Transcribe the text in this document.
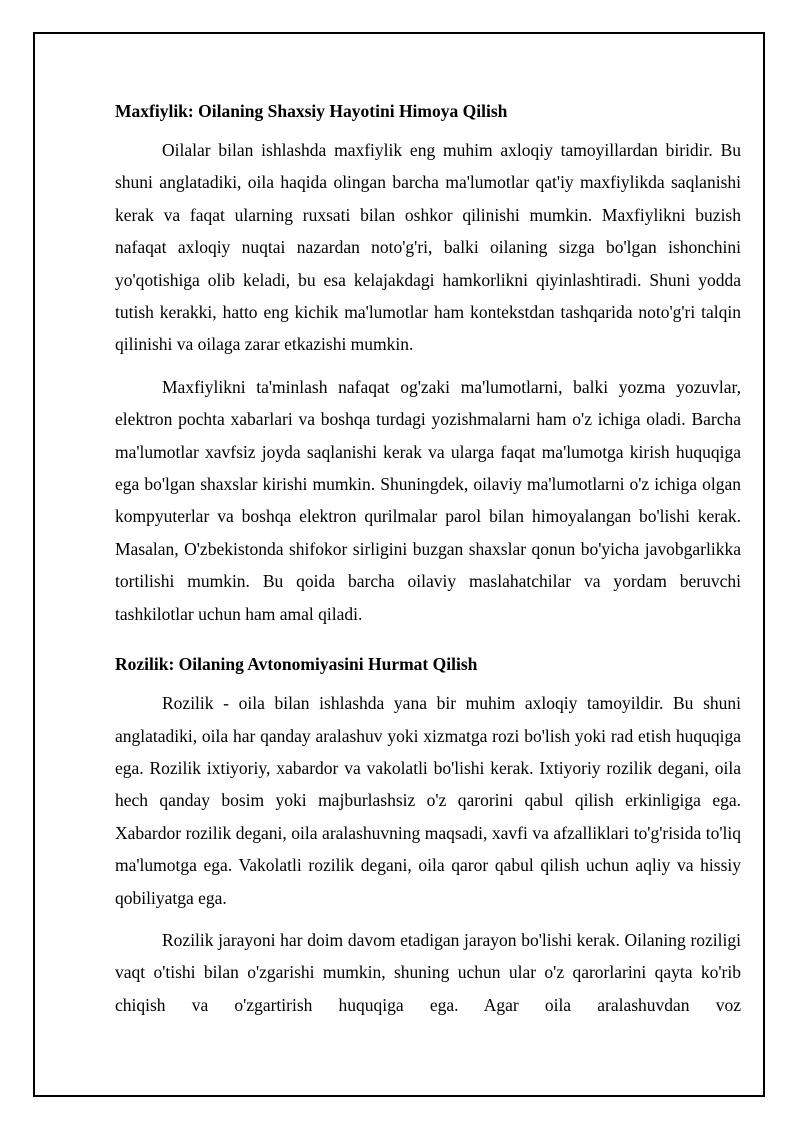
Maxfiylik: Oilaning Shaxsiy Hayotini Himoya Qilish

Oilalar bilan ishlashda maxfiylik eng muhim axloqiy tamoyillardan biridir. Bu shuni anglatadiki, oila haqida olingan barcha ma'lumotlar qat'iy maxfiylikda saqlanishi kerak va faqat ularning ruxsati bilan oshkor qilinishi mumkin. Maxfiylikni buzish nafaqat axloqiy nuqtai nazardan noto'g'ri, balki oilaning sizga bo'lgan ishonchini yo'qotishiga olib keladi, bu esa kelajakdagi hamkorlikni qiyinlashtiradi. Shuni yodda tutish kerakki, hatto eng kichik ma'lumotlar ham kontekstdan tashqarida noto'g'ri talqin qilinishi va oilaga zarar etkazishi mumkin.

Maxfiylikni ta'minlash nafaqat og'zaki ma'lumotlarni, balki yozma yozuvlar, elektron pochta xabarlari va boshqa turdagi yozishmalarni ham o'z ichiga oladi. Barcha ma'lumotlar xavfsiz joyda saqlanishi kerak va ularga faqat ma'lumotga kirish huquqiga ega bo'lgan shaxslar kirishi mumkin. Shuningdek, oilaviy ma'lumotlarni o'z ichiga olgan kompyuterlar va boshqa elektron qurilmalar parol bilan himoyalangan bo'lishi kerak. Masalan, O'zbekistonda shifokor sirligini buzgan shaxslar qonun bo'yicha javobgarlikka tortilishi mumkin. Bu qoida barcha oilaviy maslahatchilar va yordam beruvchi tashkilotlar uchun ham amal qiladi.

Rozilik: Oilaning Avtonomiyasini Hurmat Qilish

Rozilik - oila bilan ishlashda yana bir muhim axloqiy tamoyildir. Bu shuni anglatadiki, oila har qanday aralashuv yoki xizmatga rozi bo'lish yoki rad etish huquqiga ega. Rozilik ixtiyoriy, xabardor va vakolatli bo'lishi kerak. Ixtiyoriy rozilik degani, oila hech qanday bosim yoki majburlashsiz o'z qarorini qabul qilish erkinligiga ega. Xabardor rozilik degani, oila aralashuvning maqsadi, xavfi va afzalliklari to'g'risida to'liq ma'lumotga ega. Vakolatli rozilik degani, oila qaror qabul qilish uchun aqliy va hissiy qobiliyatga ega.

Rozilik jarayoni har doim davom etadigan jarayon bo'lishi kerak. Oilaning roziligi vaqt o'tishi bilan o'zgarishi mumkin, shuning uchun ular o'z qarorlarini qayta ko'rib chiqish va o'zgartirish huquqiga ega. Agar oila aralashuvdan voz
